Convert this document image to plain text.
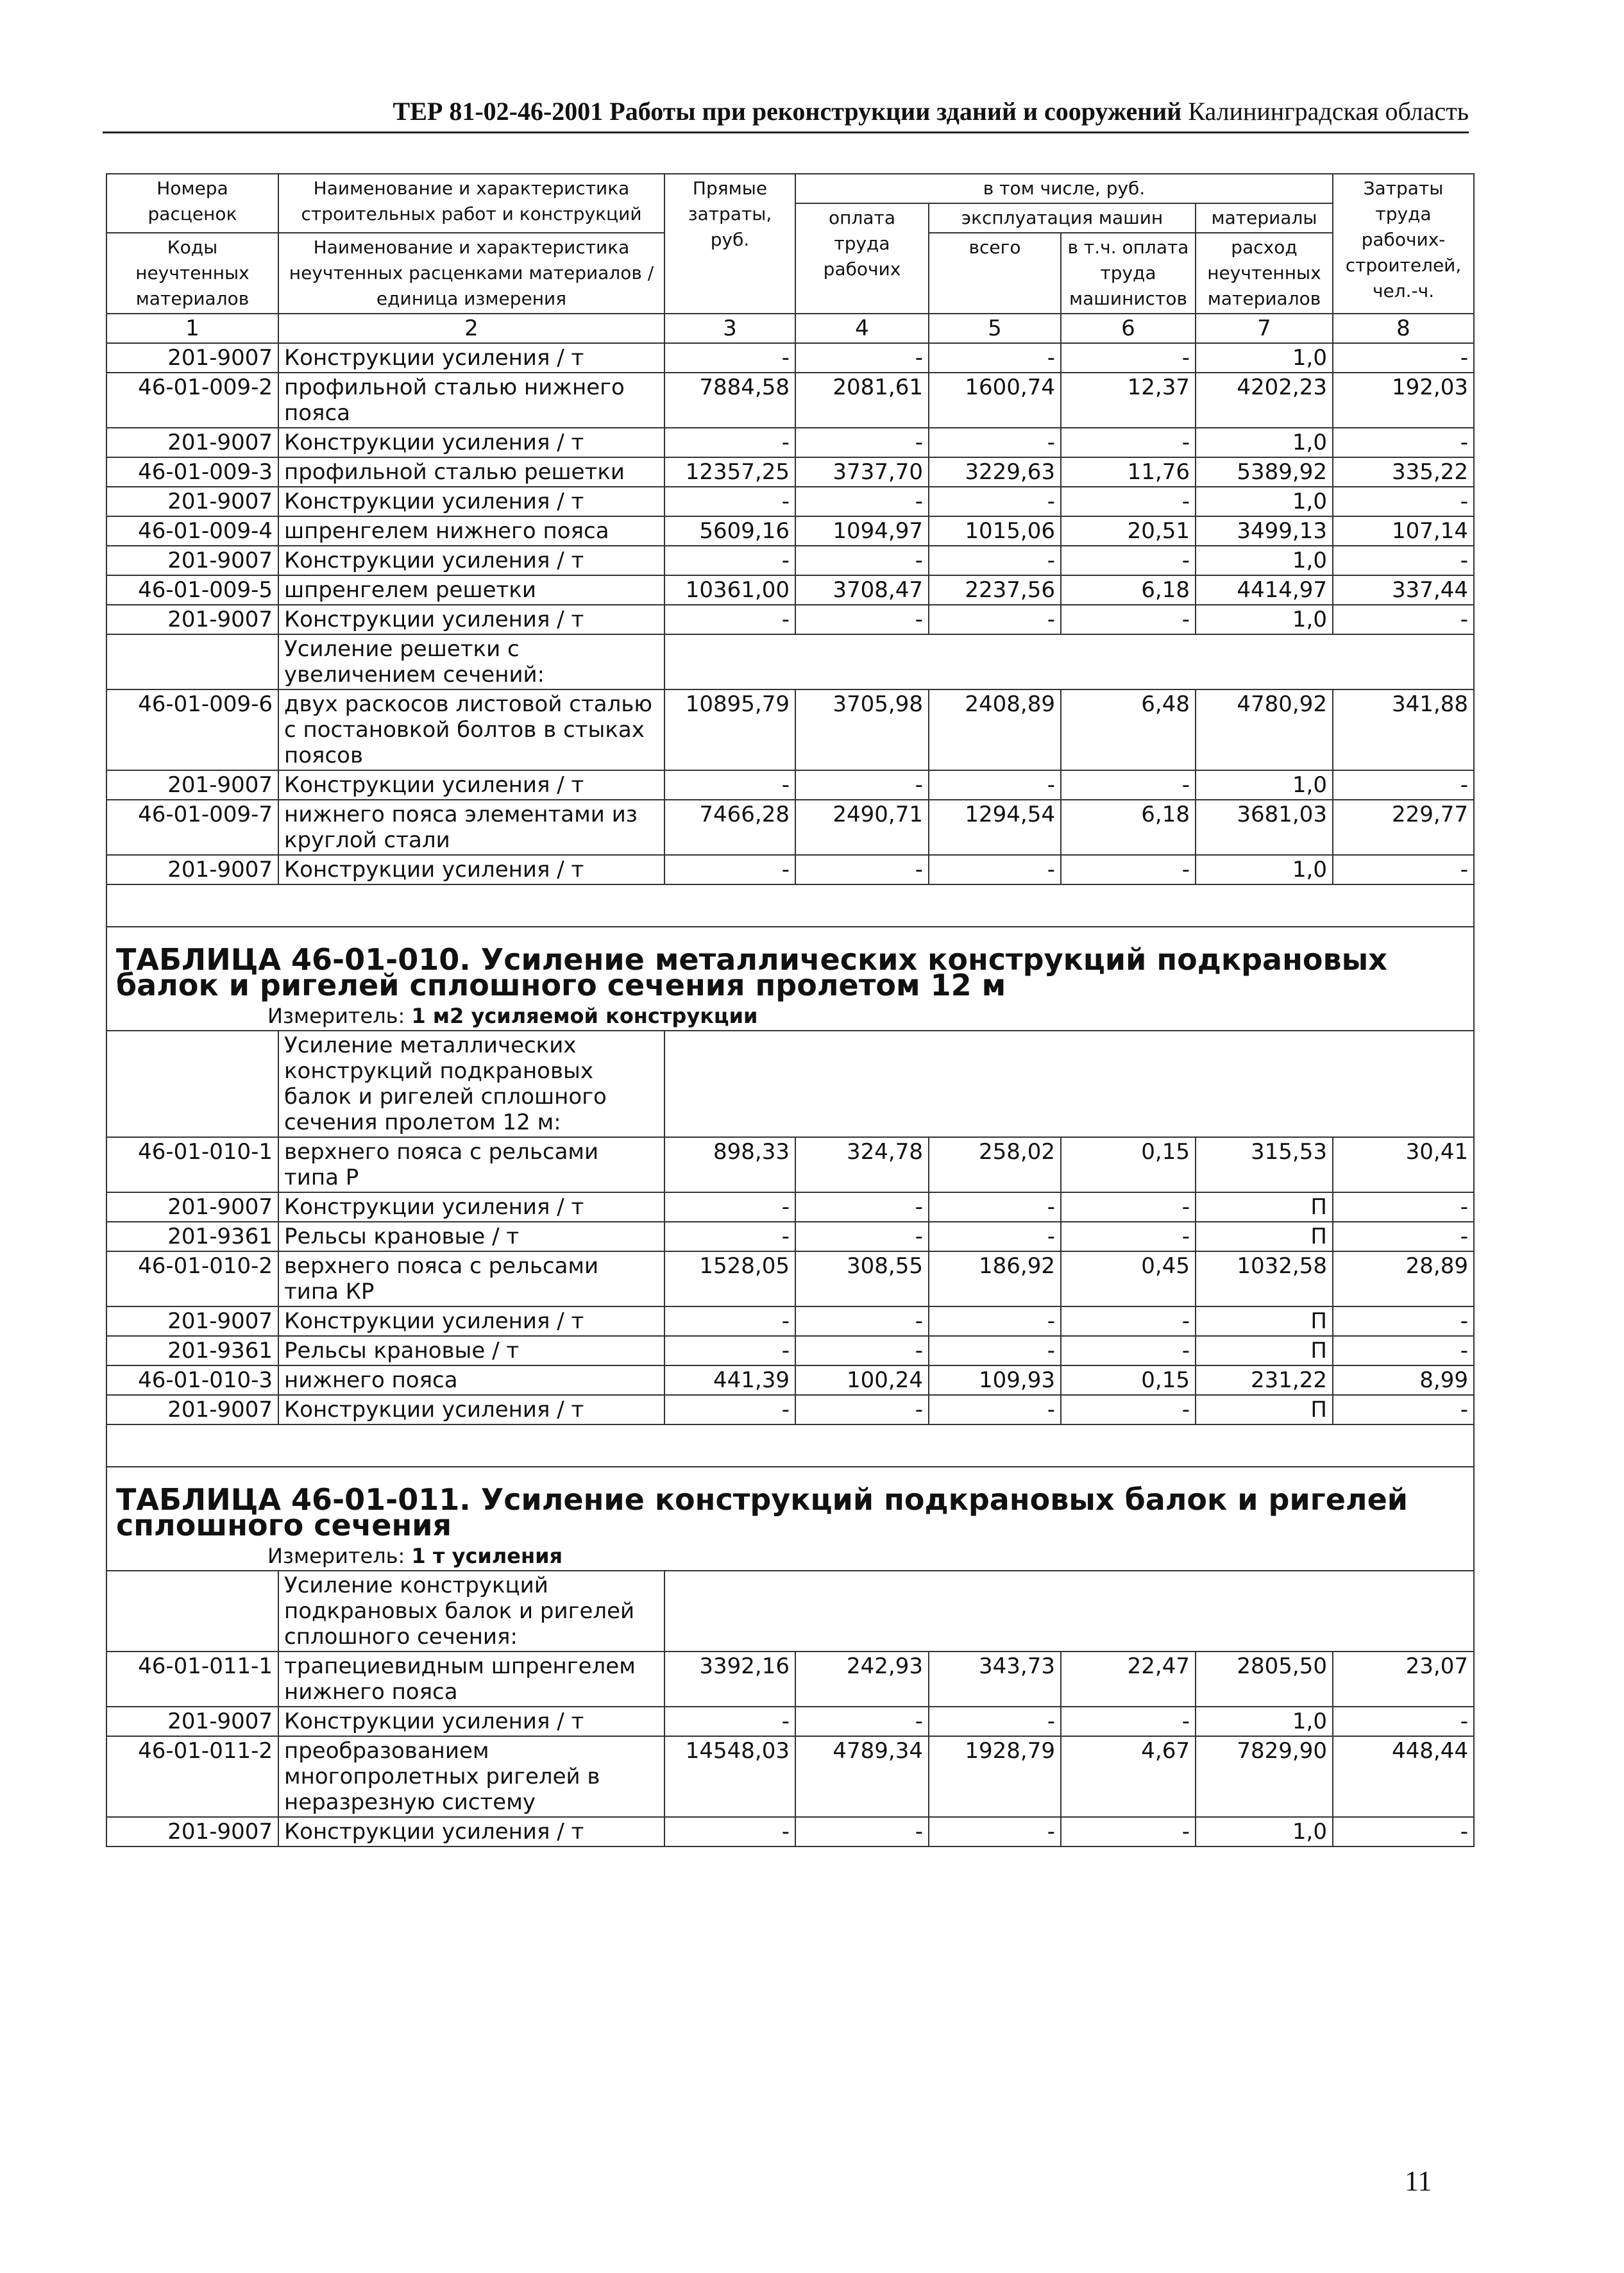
ТЕР 81-02-46-2001 Работы при реконструкции зданий и сооружений Калининградская область
Номера расценок	Наименование и характеристика строительных работ и конструкций	Прямые затраты, руб.	в том числе, руб.				Затраты труда рабочих-строителей, чел.-ч.
			оплата труда рабочих	эксплуатация машин		материалы	
Коды неучтенных материалов	Наименование и характеристика неучтенных расценками материалов / единица измерения			всего	в т.ч. оплата труда машинистов	расход неучтенных материалов	

1	2	3	4	5	6	7	8
201-9007	Конструкции усиления / т	-	-	-	-	1,0	-
46-01-009-2	профильной сталью нижнего пояса	7884,58	2081,61	1600,74	12,37	4202,23	192,03
201-9007	Конструкции усиления / т	-	-	-	-	1,0	-
46-01-009-3	профильной сталью решетки	12357,25	3737,70	3229,63	11,76	5389,92	335,22
201-9007	Конструкции усиления / т	-	-	-	-	1,0	-
46-01-009-4	шпренгелем нижнего пояса	5609,16	1094,97	1015,06	20,51	3499,13	107,14
201-9007	Конструкции усиления / т	-	-	-	-	1,0	-
46-01-009-5	шпренгелем решетки	10361,00	3708,47	2237,56	6,18	4414,97	337,44
201-9007	Конструкции усиления / т	-	-	-	-	1,0	-
	Усиление решетки с увеличением сечений:						
46-01-009-6	двух раскосов листовой сталью с постановкой болтов в стыках поясов	10895,79	3705,98	2408,89	6,48	4780,92	341,88
201-9007	Конструкции усиления / т	-	-	-	-	1,0	-
46-01-009-7	нижнего пояса элементами из круглой стали	7466,28	2490,71	1294,54	6,18	3681,03	229,77
201-9007	Конструкции усиления / т	-	-	-	-	1,0	-

ТАБЛИЦА 46-01-010. Усиление металлических конструкций подкрановых балок и ригелей сплошного сечения пролетом 12 м							
Измеритель: 1 м2 усиляемой конструкции							
	Усиление металлических конструкций подкрановых балок и ригелей сплошного сечения пролетом 12 м:						
46-01-010-1	верхнего пояса с рельсами типа Р	898,33	324,78	258,02	0,15	315,53	30,41
201-9007	Конструкции усиления / т	-	-	-	-	П	-
201-9361	Рельсы крановые / т	-	-	-	-	П	-
46-01-010-2	верхнего пояса с рельсами типа КР	1528,05	308,55	186,92	0,45	1032,58	28,89
201-9007	Конструкции усиления / т	-	-	-	-	П	-
201-9361	Рельсы крановые / т	-	-	-	-	П	-
46-01-010-3	нижнего пояса	441,39	100,24	109,93	0,15	231,22	8,99
201-9007	Конструкции усиления / т	-	-	-	-	П	-

ТАБЛИЦА 46-01-011. Усиление конструкций подкрановых балок и ригелей сплошного сечения							
Измеритель: 1 т усиления							
	Усиление конструкций подкрановых балок и ригелей сплошного сечения:						
46-01-011-1	трапециевидным шпренгелем нижнего пояса	3392,16	242,93	343,73	22,47	2805,50	23,07
201-9007	Конструкции усиления / т	-	-	-	-	1,0	-
46-01-011-2	преобразованием многопролетных ригелей в неразрезную систему	14548,03	4789,34	1928,79	4,67	7829,90	448,44
201-9007	Конструкции усиления / т	-	-	-	-	1,0	-
11
